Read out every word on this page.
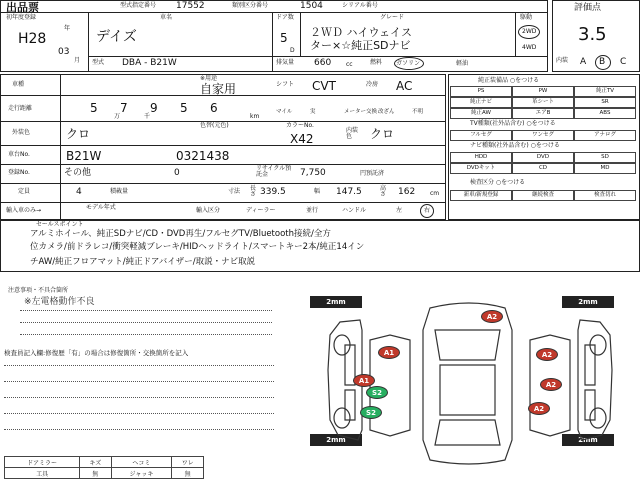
出品票	型式指定番号 17552	類別区分番号	1504	シリアル番号
初年度登録
H28
年
03
月
車名
デイズ
ドア数
5
D
グレード
２ＷＤ ハイウェイス
ター×☆純正SDナビ
駆動
2WD
4WD
型式 DBA - B21W	排気量 660 cc	燃料 ガソリン	軽油
評価点
3.5
内装 A B C
車種
※用途
自家用	シフト CVT	冷房 AC
走行距離	5 7 9 5 6
万	千	km
マイル	実	メーター交換 改ざん	不明
外装色	クロ
色替(元色)	カラーNo.
X42
内装色	クロ
車台No.	B21W	0321438
登録No.	その他	0	リサイクル預託金	7,750	円預託済
定員	4	積載量	寸法 長さ 339.5	幅 147.5	高さ 162 cm
輸入車のみ→	モデル年式	輸入区分	ディーラー	並行	ハンドル	左	右
純正装備品 ○をつける
PS	PW	純正TV
純正ナビ	革シート	SR
純正AW	エアB	ABS
TV種類(社外品含む) ○をつける
フルセグ	ワンセグ	アナログ
ナビ種類(社外品含む) ○をつける
HDD	DVD	SD
DVDキット	CD	MD
検査区分 ○をつける
新車/新規登録	継続検査	検査切れ
セールスポイント
アルミホイール、純正SDナビ/CD・DVD再生/フルセグTV/Bluetooth接続/全方
位カメラ/前ドラレコ/衝突軽減ブレーキ/HIDヘッドライト/スマートキー2本/純正14イン
チAW/純正フロアマット/純正ドアバイザー/取説・ナビ取説
注意事項・不具合箇所
※左電格動作不良
検査員記入欄:修復歴「有」の場合は修復箇所・交換箇所を記入
ドアミラー	キズ	ヘコミ	ワレ
工具	無	ジャッキ	無
2mm	2mm
2mm	2mm
A2
A1
A1
S2
S2
A2
A2
A2
